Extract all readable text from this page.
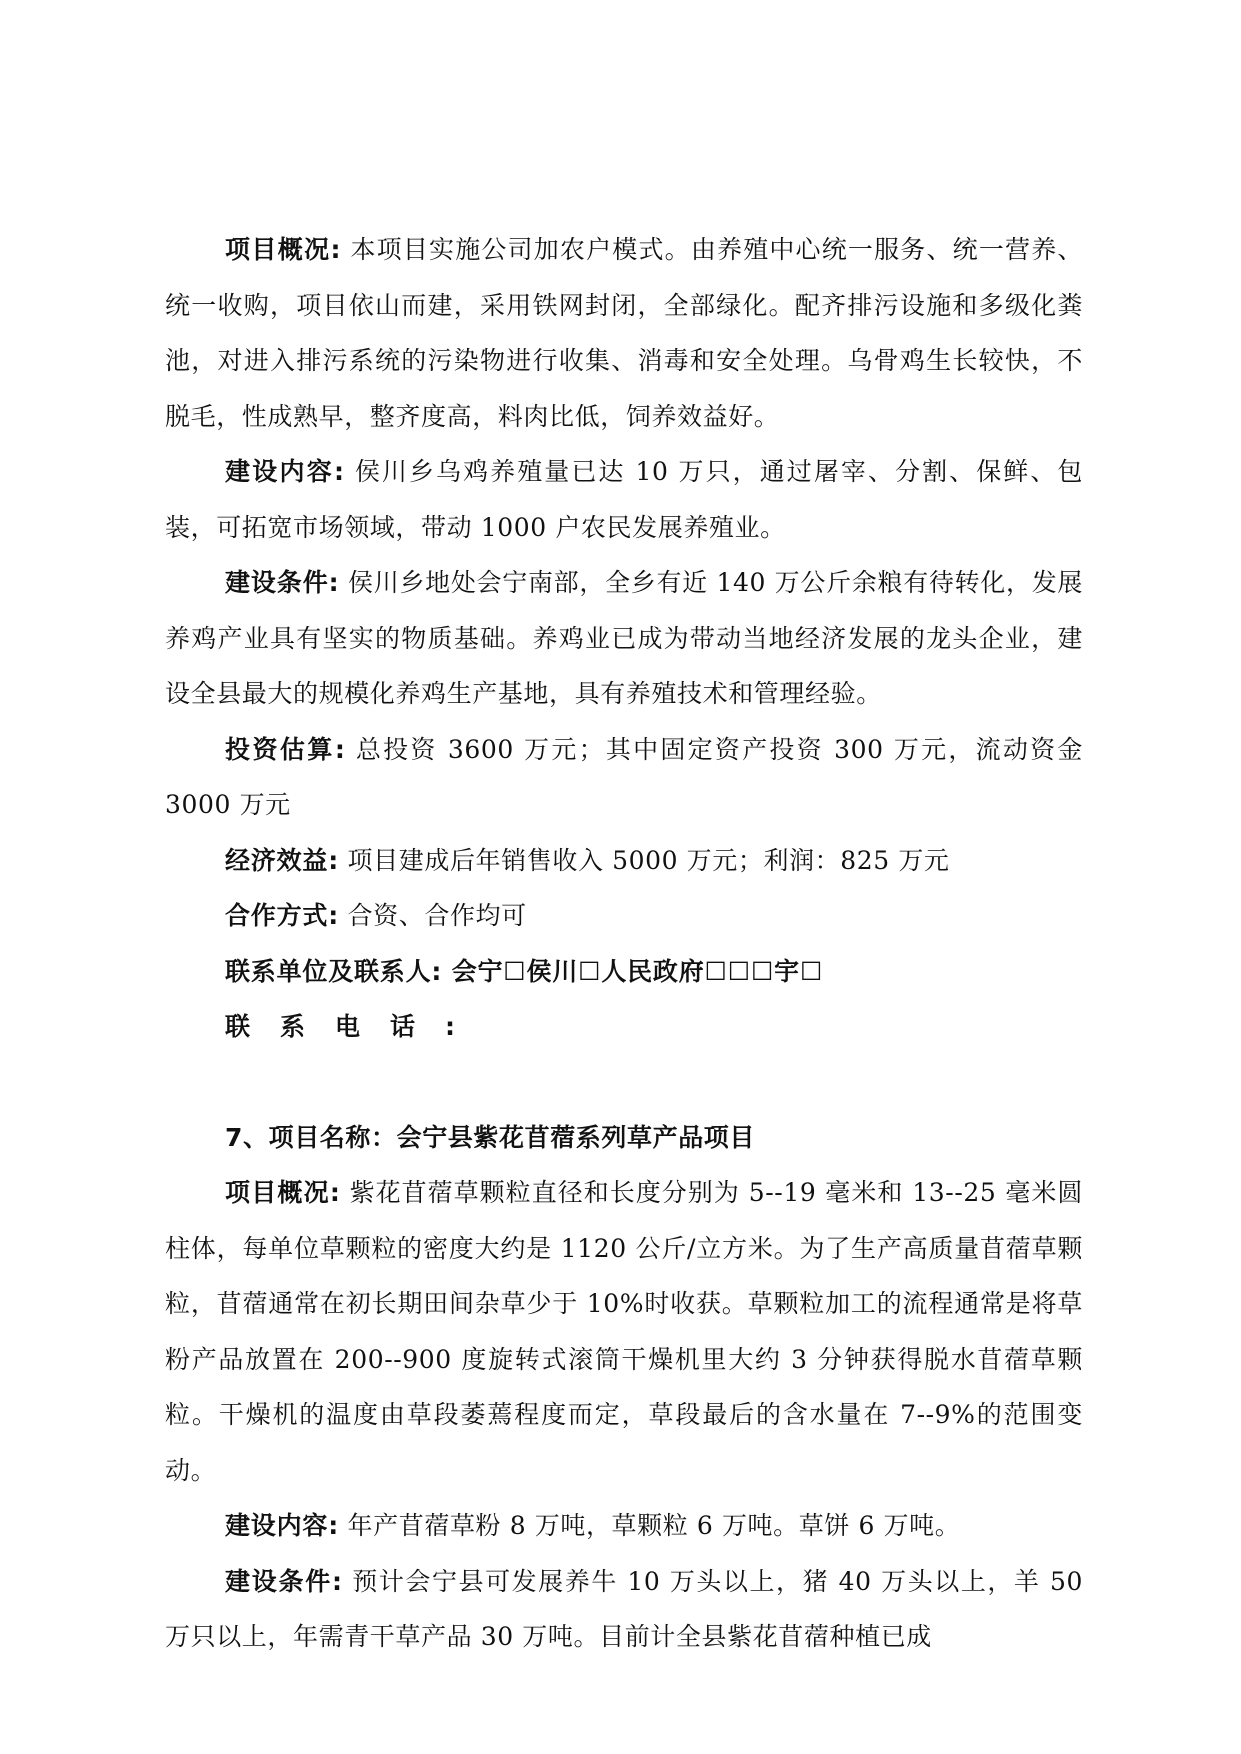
项目概况: 本项目实施公司加农户模式。由养殖中心统一服务、统一营养、统一收购，项目依山而建，采用铁网封闭，全部绿化。配齐排污设施和多级化粪池，对进入排污系统的污染物进行收集、消毒和安全处理。乌骨鸡生长较快，不脱毛，性成熟早，整齐度高，料肉比低，饲养效益好。

建设内容: 侯川乡乌鸡养殖量已达 10 万只，通过屠宰、分割、保鲜、包装，可拓宽市场领域，带动 1000 户农民发展养殖业。

建设条件: 侯川乡地处会宁南部，全乡有近 140 万公斤余粮有待转化，发展养鸡产业具有坚实的物质基础。养鸡业已成为带动当地经济发展的龙头企业，建设全县最大的规模化养鸡生产基地，具有养殖技术和管理经验。

投资估算: 总投资 3600 万元；其中固定资产投资 300 万元，流动资金 3000 万元

经济效益: 项目建成后年销售收入 5000 万元；利润：825 万元

合作方式: 合资、合作均可

联系单位及联系人: 会宁☐侯川☐人民政府☐☐☐宇☐

联系电话:

7、项目名称：会宁县紫花苜蓿系列草产品项目

项目概况: 紫花苜蓿草颗粒直径和长度分别为 5--19 毫米和 13--25 毫米圆柱体，每单位草颗粒的密度大约是 1120 公斤/立方米。为了生产高质量苜蓿草颗粒，苜蓿通常在初长期田间杂草少于 10%时收获。草颗粒加工的流程通常是将草粉产品放置在 200--900 度旋转式滚筒干燥机里大约 3 分钟获得脱水苜蓿草颗粒。干燥机的温度由草段萎蔫程度而定，草段最后的含水量在 7--9%的范围变动。

建设内容: 年产苜蓿草粉 8 万吨，草颗粒 6 万吨。草饼 6 万吨。

建设条件: 预计会宁县可发展养牛 10 万头以上，猪 40 万头以上，羊 50 万只以上，年需青干草产品 30 万吨。目前计全县紫花苜蓿种植已成
